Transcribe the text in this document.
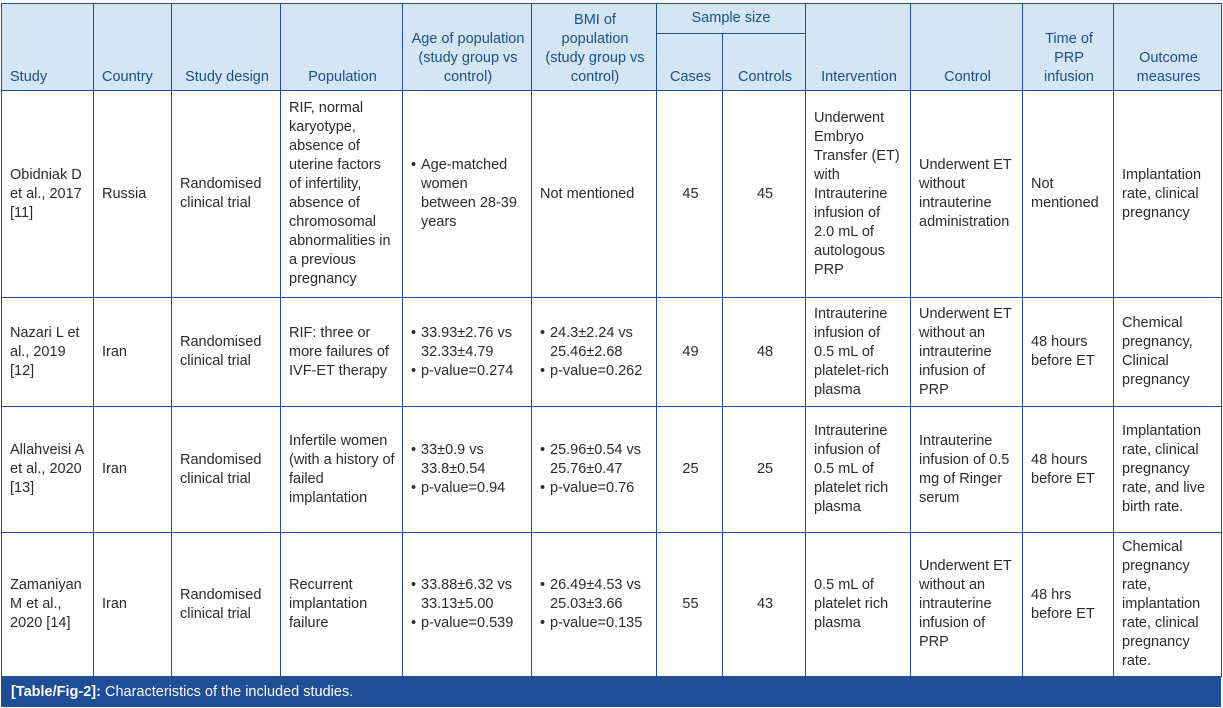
Study	Country	Study design	Population	Age of population (study group vs control)	BMI of population (study group vs control)	Sample size		Intervention	Control	Time of PRP infusion	Outcome measures
						Cases	Controls				
Obidniak D et al., 2017 [11]	Russia	Randomised clinical trial	RIF, normal karyotype, absence of uterine factors of infertility, absence of chromosomal abnormalities in a previous pregnancy	• Age-matched women between 28-39 years	Not mentioned	45	45	Underwent Embryo Transfer (ET) with Intrauterine infusion of 2.0 mL of autologous PRP	Underwent ET without intrauterine administration	Not mentioned	Implantation rate, clinical pregnancy
Nazari L et al., 2019 [12]	Iran	Randomised clinical trial	RIF: three or more failures of IVF-ET therapy	• 33.93±2.76 vs 32.33±4.79
• p-value=0.274	• 24.3±2.24 vs 25.46±2.68
• p-value=0.262	49	48	Intrauterine infusion of 0.5 mL of platelet-rich plasma	Underwent ET without an intrauterine infusion of PRP	48 hours before ET	Chemical pregnancy, Clinical pregnancy
Allahveisi A et al., 2020 [13]	Iran	Randomised clinical trial	Infertile women (with a history of failed implantation	• 33±0.9 vs 33.8±0.54
• p-value=0.94	• 25.96±0.54 vs 25.76±0.47
• p-value=0.76	25	25	Intrauterine infusion of 0.5 mL of platelet rich plasma	Intrauterine infusion of 0.5 mg of Ringer serum	48 hours before ET	Implantation rate, clinical pregnancy rate, and live birth rate.
Zamaniyan M et al., 2020 [14]	Iran	Randomised clinical trial	Recurrent implantation failure	• 33.88±6.32 vs 33.13±5.00
• p-value=0.539	• 26.49±4.53 vs 25.03±3.66
• p-value=0.135	55	43	0.5 mL of platelet rich plasma	Underwent ET without an intrauterine infusion of PRP	48 hrs before ET	Chemical pregnancy rate, implantation rate, clinical pregnancy rate.
[Table/Fig-2]: Characteristics of the included studies.
